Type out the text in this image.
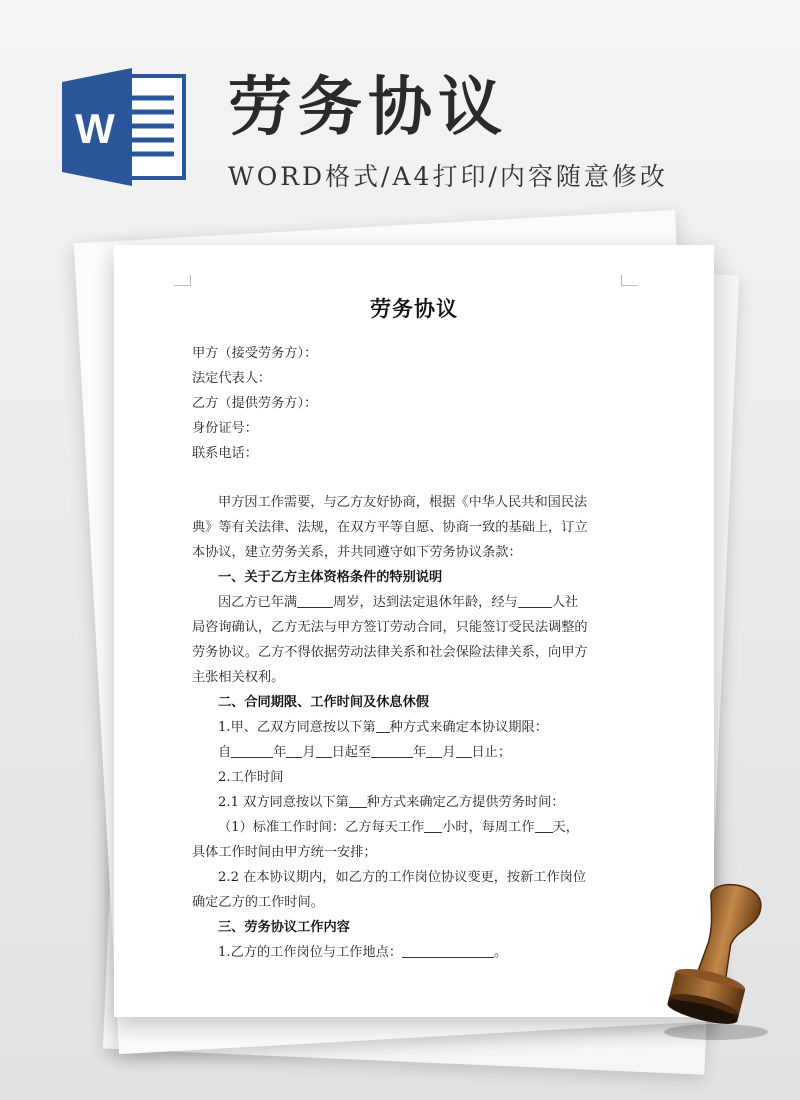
W 劳务协议
WORD格式/A4打印/内容随意修改
劳务协议
甲方（接受劳务方）：
法定代表人：
乙方（提供劳务方）：
身份证号：
联系电话：
甲方因工作需要，与乙方友好协商，根据《中华人民共和国民法
典》等有关法律、法规，在双方平等自愿、协商一致的基础上，订立
本协议，建立劳务关系，并共同遵守如下劳务协议条款：
一、关于乙方主体资格条件的特别说明
因乙方已年满	周岁，达到法定退休年龄，经与	人社
局咨询确认，乙方无法与甲方签订劳动合同，只能签订受民法调整的
劳务协议。乙方不得依据劳动法律关系和社会保险法律关系，向甲方
主张相关权利。
二、合同期限、工作时间及休息休假
1.甲、乙双方同意按以下第 种方式来确定本协议期限：
自	年 月 日起至	年 月 日止；
2.工作时间
2.1 双方同意按以下第 种方式来确定乙方提供劳务时间：
（1）标准工作时间：乙方每天工作 小时，每周工作 天，
具体工作时间由甲方统一安排；
2.2 在本协议期内，如乙方的工作岗位协议变更，按新工作岗位
确定乙方的工作时间。
三、劳务协议工作内容
1.乙方的工作岗位与工作地点：	。
